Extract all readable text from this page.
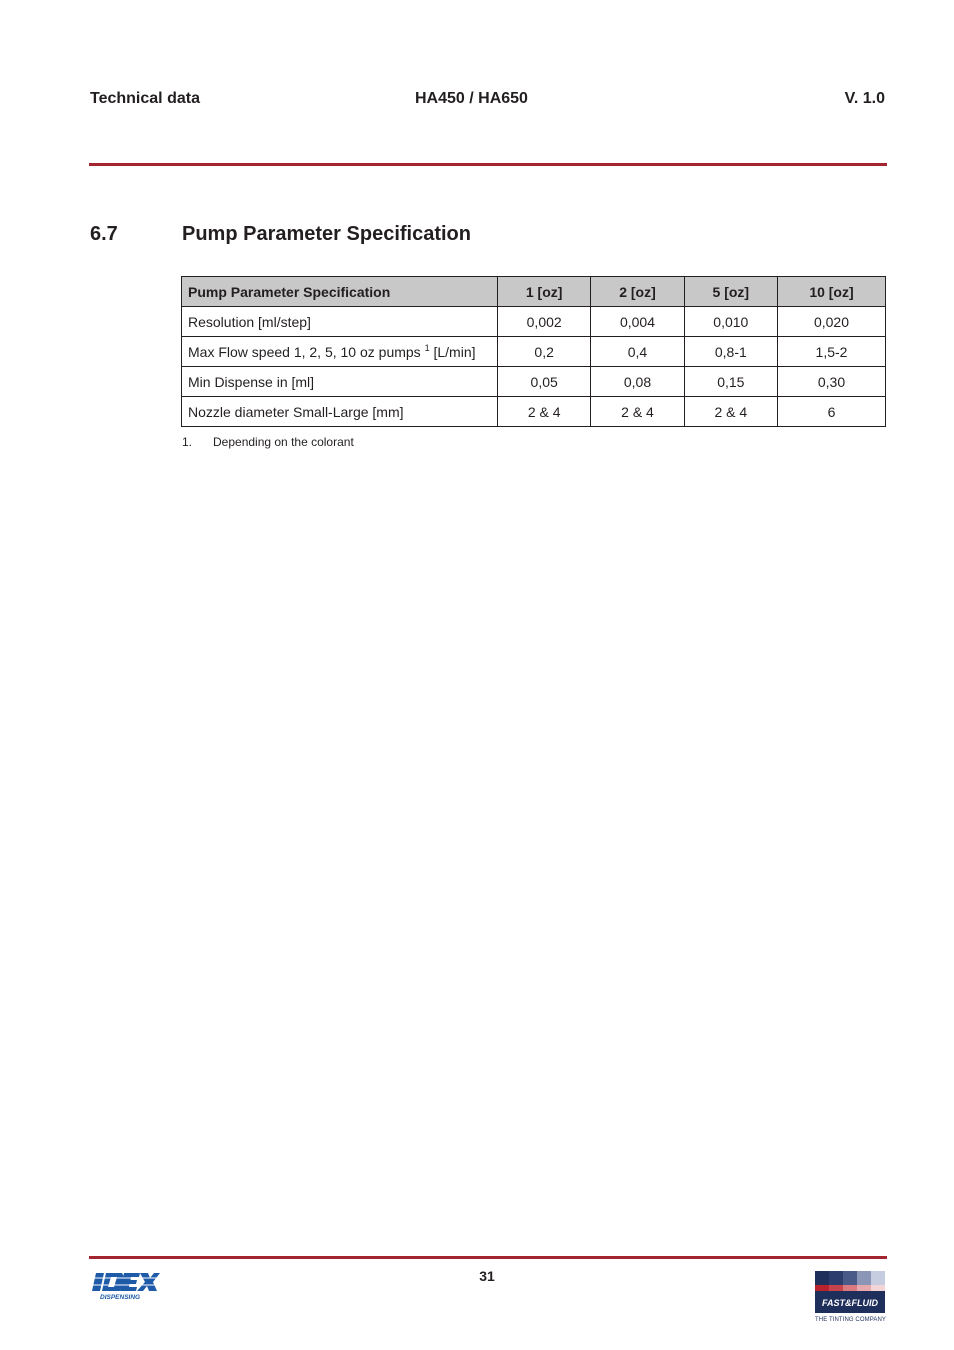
Technical data	HA450 / HA650	V. 1.0
6.7	Pump Parameter Specification
Pump Parameter Specification	1 [oz]	2 [oz]	5 [oz]	10 [oz]
Resolution [ml/step]	0,002	0,004	0,010	0,020
Max Flow speed 1, 2, 5, 10 oz pumps $^1$ [L/min]	0,2	0,4	0,8-1	1,5-2
Min Dispense in [ml]	0,05	0,08	0,15	0,30
Nozzle diameter Small-Large [mm]	2 & 4	2 & 4	2 & 4	6
1. Depending on the colorant
31
DISPENSING
FAST&FLUID
THE TINTING COMPANY
